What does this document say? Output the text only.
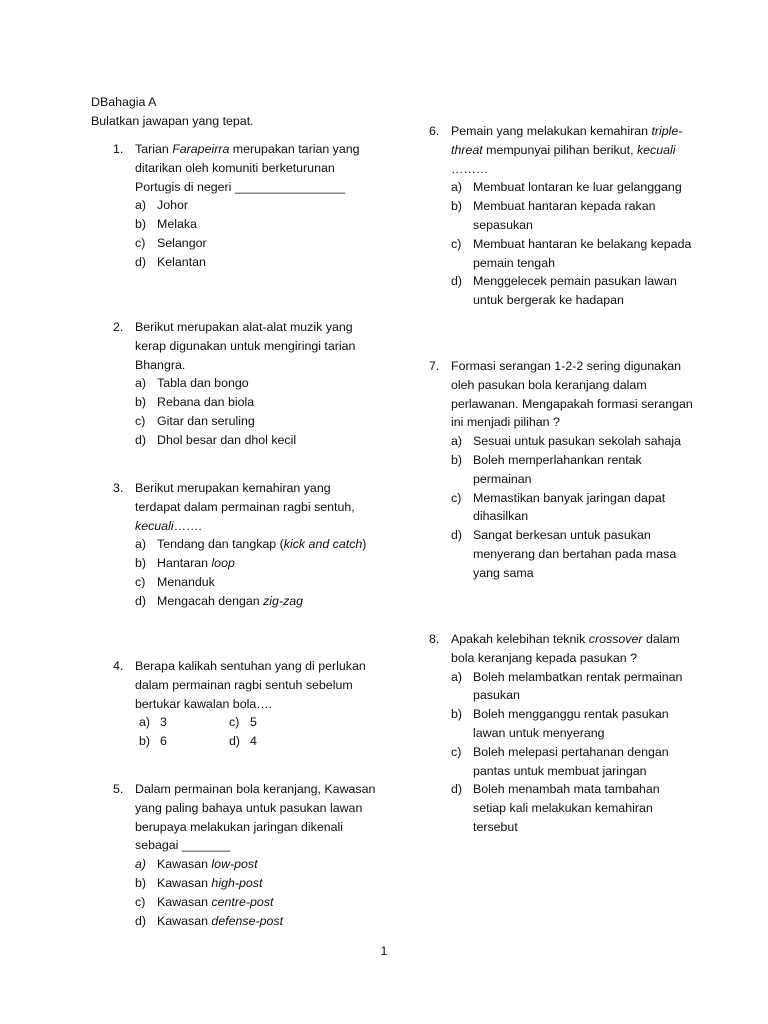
DBahagia A
Bulatkan jawapan yang tepat.
1. Tarian Farapeirra merupakan tarian yang ditarikan oleh komuniti berketurunan Portugis di negeri ________________
a) Johor
b) Melaka
c) Selangor
d) Kelantan
2. Berikut merupakan alat-alat muzik yang kerap digunakan untuk mengiringi tarian Bhangra.
a) Tabla dan bongo
b) Rebana dan biola
c) Gitar dan seruling
d) Dhol besar dan dhol kecil
3. Berikut merupakan kemahiran yang terdapat dalam permainan ragbi sentuh, kecuali…….
a) Tendang dan tangkap (kick and catch)
b) Hantaran loop
c) Menanduk
d) Mengacah dengan zig-zag
4. Berapa kalikah sentuhan yang di perlukan dalam permainan ragbi sentuh sebelum bertukar kawalan bola….
a) 3	c) 5
b) 6	d) 4
5. Dalam permainan bola keranjang, Kawasan yang paling bahaya untuk pasukan lawan berupaya melakukan jaringan dikenali sebagai _______
a) Kawasan low-post
b) Kawasan high-post
c) Kawasan centre-post
d) Kawasan defense-post
6. Pemain yang melakukan kemahiran triple-threat mempunyai pilihan berikut, kecuali ………
a) Membuat lontaran ke luar gelanggang
b) Membuat hantaran kepada rakan sepasukan
c) Membuat hantaran ke belakang kepada pemain tengah
d) Menggelecek pemain pasukan lawan untuk bergerak ke hadapan
7. Formasi serangan 1-2-2 sering digunakan oleh pasukan bola keranjang dalam perlawanan. Mengapakah formasi serangan ini menjadi pilihan ?
a) Sesuai untuk pasukan sekolah sahaja
b) Boleh memperlahankan rentak permainan
c) Memastikan banyak jaringan dapat dihasilkan
d) Sangat berkesan untuk pasukan menyerang dan bertahan pada masa yang sama
8. Apakah kelebihan teknik crossover dalam bola keranjang kepada pasukan ?
a) Boleh melambatkan rentak permainan pasukan
b) Boleh mengganggu rentak pasukan lawan untuk menyerang
c) Boleh melepasi pertahanan dengan pantas untuk membuat jaringan
d) Boleh menambah mata tambahan setiap kali melakukan kemahiran tersebut
1
